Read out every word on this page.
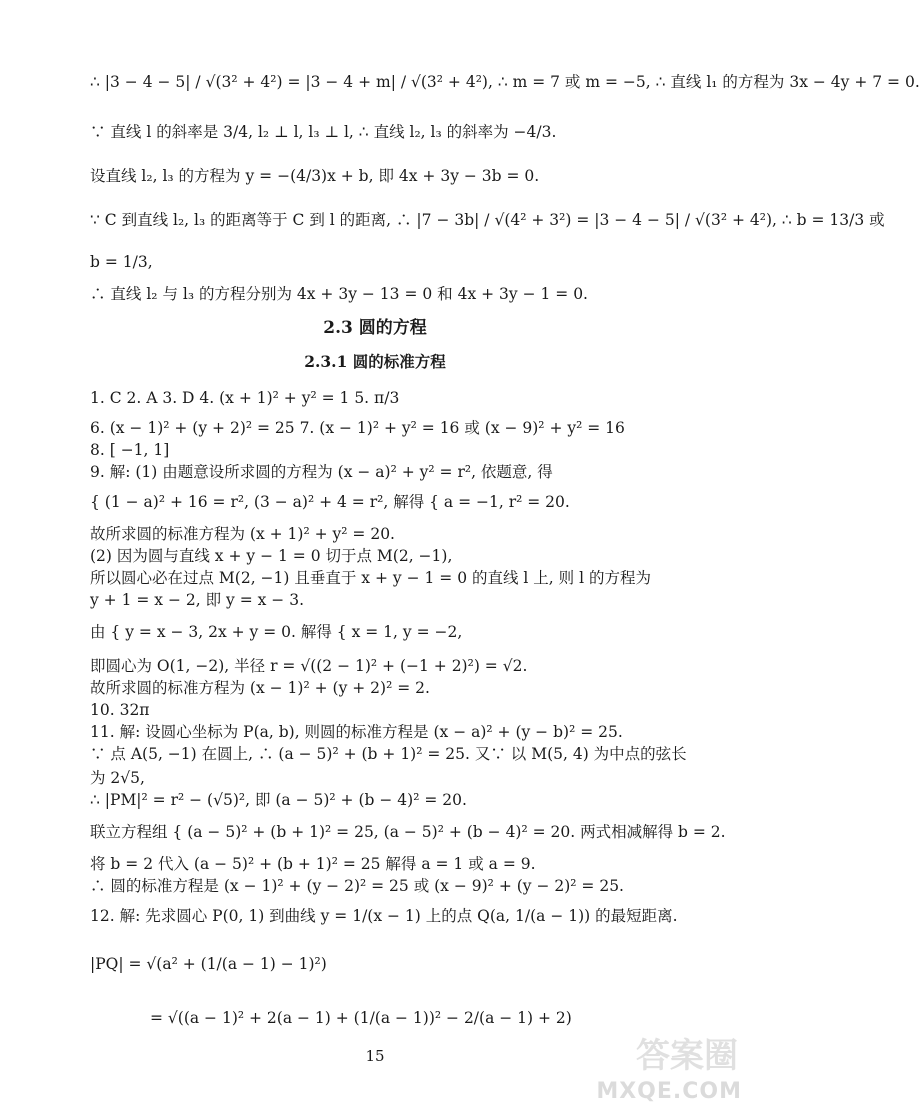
∴ |3 − 4 − 5| / √(3² + 4²) = |3 − 4 + m| / √(3² + 4²), ∴ m = 7 或 m = −5, ∴ 直线 l₁ 的方程为 3x − 4y + 7 = 0.
∵ 直线 l 的斜率是 3/4, l₂ ⊥ l, l₃ ⊥ l, ∴ 直线 l₂, l₃ 的斜率为 −4/3.
设直线 l₂, l₃ 的方程为 y = −(4/3)x + b, 即 4x + 3y − 3b = 0.
∵ C 到直线 l₂, l₃ 的距离等于 C 到 l 的距离, ∴ |7 − 3b| / √(4² + 3²) = |3 − 4 − 5| / √(3² + 4²), ∴ b = 13/3 或
b = 1/3,
∴ 直线 l₂ 与 l₃ 的方程分别为 4x + 3y − 13 = 0 和 4x + 3y − 1 = 0.
2.3 圆的方程
2.3.1 圆的标准方程
1. C 2. A 3. D 4. (x + 1)² + y² = 1 5. π/3
6. (x − 1)² + (y + 2)² = 25 7. (x − 1)² + y² = 16 或 (x − 9)² + y² = 16
8. [ −1, 1]
9. 解: (1) 由题意设所求圆的方程为 (x − a)² + y² = r², 依题意, 得
{ (1 − a)² + 16 = r², (3 − a)² + 4 = r², 解得 { a = −1, r² = 20.
故所求圆的标准方程为 (x + 1)² + y² = 20.
(2) 因为圆与直线 x + y − 1 = 0 切于点 M(2, −1),
所以圆心必在过点 M(2, −1) 且垂直于 x + y − 1 = 0 的直线 l 上, 则 l 的方程为
y + 1 = x − 2, 即 y = x − 3.
由 { y = x − 3, 2x + y = 0. 解得 { x = 1, y = −2,
即圆心为 O(1, −2), 半径 r = √((2 − 1)² + (−1 + 2)²) = √2.
故所求圆的标准方程为 (x − 1)² + (y + 2)² = 2.
10. 32π
11. 解: 设圆心坐标为 P(a, b), 则圆的标准方程是 (x − a)² + (y − b)² = 25.
∵ 点 A(5, −1) 在圆上, ∴ (a − 5)² + (b + 1)² = 25. 又∵ 以 M(5, 4) 为中点的弦长
为 2√5,
∴ |PM|² = r² − (√5)², 即 (a − 5)² + (b − 4)² = 20.
联立方程组 { (a − 5)² + (b + 1)² = 25, (a − 5)² + (b − 4)² = 20. 两式相减解得 b = 2.
将 b = 2 代入 (a − 5)² + (b + 1)² = 25 解得 a = 1 或 a = 9.
∴ 圆的标准方程是 (x − 1)² + (y − 2)² = 25 或 (x − 9)² + (y − 2)² = 25.
12. 解: 先求圆心 P(0, 1) 到曲线 y = 1/(x − 1) 上的点 Q(a, 1/(a − 1)) 的最短距离.
|PQ| = √(a² + (1/(a − 1) − 1)²)
= √((a − 1)² + 2(a − 1) + (1/(a − 1))² − 2/(a − 1) + 2)
15	答案圈
MXQE.COM
